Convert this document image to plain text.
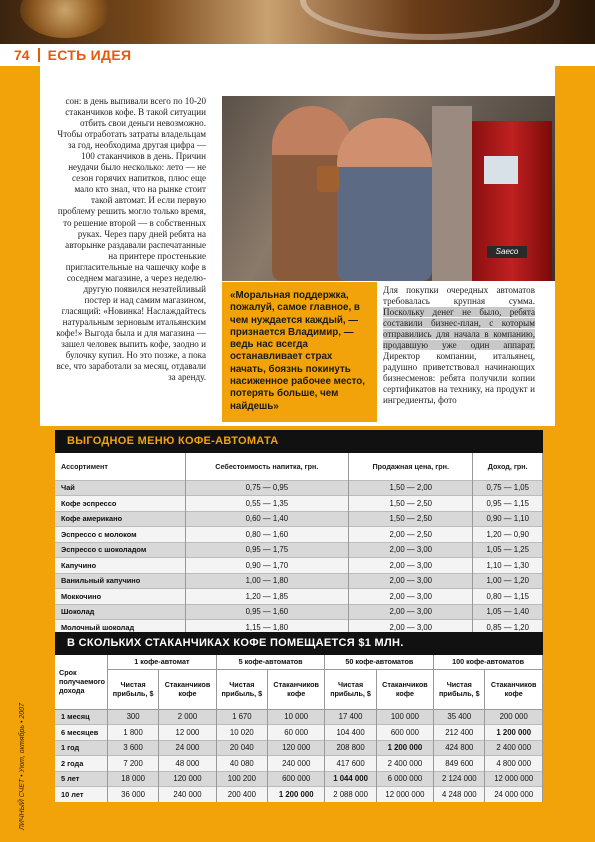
74 ЕСТЬ ИДЕЯ
ЛИЧНЫЙ СЧЕТ • Уют, октябрь • 2007
сон: в день выпивали всего по 10-20 стаканчиков кофе. В такой ситуации отбить свои деньги невозможно. Чтобы отработать затраты владельцам за год, необходима другая цифра — 100 стаканчиков в день. Причин неудачи было несколько: лето — не сезон горячих напитков, плюс еще мало кто знал, что на рынке стоит такой автомат. И если первую проблему решить могло только время, то решение второй — в собственных руках. Через пару дней ребята на авторынке раздавали распечатанные на принтере простенькие пригласительные на чашечку кофе в соседнем магазине, а через неделю-другую появился незатейливый постер и над самим магазином, гласящий: «Новинка! Наслаждайтесь натуральным зерновым итальянским кофе!» Выгода была и для магазина — зашел человек выпить кофе, заодно и булочку купил. Но это позже, а пока все, что заработали за месяц, отдавали за аренду.
Saeco
«Моральная поддержка, пожалуй, самое главное, в чем нуждается каждый, — признается Владимир, — ведь нас всегда останавливает страх начать, боязнь покинуть насиженное рабочее место, потерять больше, чем найдешь»
Для покупки очередных автоматов требовалась крупная сумма. Поскольку денег не было, ребята составили бизнес-план, с которым отправились для начала в компанию, продавшую уже один аппарат. Директор компании, итальянец, радушно приветствовал начинающих бизнесменов: ребята получили копии сертификатов на технику, на продукт и ингредиенты, фото
ВЫГОДНОЕ МЕНЮ КОФЕ-АВТОМАТА
Ассортимент	Себестоимость напитка, грн.	Продажная цена, грн.	Доход, грн.
Чай	0,75 — 0,95	1,50 — 2,00	0,75 — 1,05
Кофе эспрессо	0,55 — 1,35	1,50 — 2,50	0,95 — 1,15
Кофе американо	0,60 — 1,40	1,50 — 2,50	0,90 — 1,10
Эспрессо с молоком	0,80 — 1,60	2,00 — 2,50	1,20 — 0,90
Эспрессо с шоколадом	0,95 — 1,75	2,00 — 3,00	1,05 — 1,25
Капучино	0,90 — 1,70	2,00 — 3,00	1,10 — 1,30
Ванильный капучино	1,00 — 1,80	2,00 — 3,00	1,00 — 1,20
Моккочино	1,20 — 1,85	2,00 — 3,00	0,80 — 1,15
Шоколад	0,95 — 1,60	2,00 — 3,00	1,05 — 1,40
Молочный шоколад	1,15 — 1,80	2,00 — 3,00	0,85 — 1,20
В СКОЛЬКИХ СТАКАНЧИКАХ КОФЕ ПОМЕЩАЕТСЯ $1 МЛН.
Срок получаемого дохода	1 кофе-автомат		5 кофе-автоматов		50 кофе-автоматов		100 кофе-автоматов	
	Чистая прибыль, $	Стаканчиков кофе	Чистая прибыль, $	Стаканчиков кофе	Чистая прибыль, $	Стаканчиков кофе	Чистая прибыль, $	Стаканчиков кофе
1 месяц	300	2 000	1 670	10 000	17 400	100 000	35 400	200 000
6 месяцев	1 800	12 000	10 020	60 000	104 400	600 000	212 400	1 200 000
1 год	3 600	24 000	20 040	120 000	208 800	1 200 000	424 800	2 400 000
2 года	7 200	48 000	40 080	240 000	417 600	2 400 000	849 600	4 800 000
5 лет	18 000	120 000	100 200	600 000	1 044 000	6 000 000	2 124 000	12 000 000
10 лет	36 000	240 000	200 400	1 200 000	2 088 000	12 000 000	4 248 000	24 000 000
